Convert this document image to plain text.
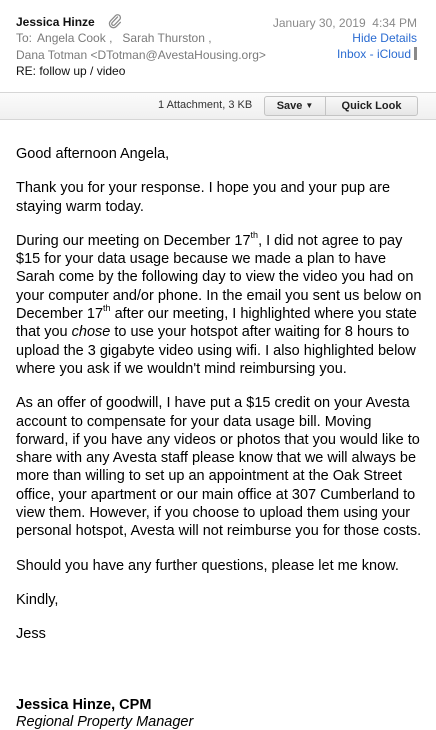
Jessica Hinze	January 30, 2019 4:34 PM
To: Angela Cook ,   Sarah Thurston ,	Hide Details
Dana Totman <DTotman@AvestaHousing.org>	Inbox - iCloud
RE: follow up / video
1 Attachment, 3 KB	Save ▼	Quick Look

Good afternoon Angela,

Thank you for your response. I hope you and your pup are staying warm today.

During our meeting on December 17th, I did not agree to pay $15 for your data usage because we made a plan to have Sarah come by the following day to view the video you had on your computer and/or phone. In the email you sent us below on December 17th after our meeting, I highlighted where you state that you chose to use your hotspot after waiting for 8 hours to upload the 3 gigabyte video using wifi. I also highlighted below where you ask if we wouldn't mind reimbursing you.

As an offer of goodwill, I have put a $15 credit on your Avesta account to compensate for your data usage bill. Moving forward, if you have any videos or photos that you would like to share with any Avesta staff please know that we will always be more than willing to set up an appointment at the Oak Street office, your apartment or our main office at 307 Cumberland to view them. However, if you choose to upload them using your personal hotspot, Avesta will not reimburse you for those costs.

Should you have any further questions, please let me know.

Kindly,

Jess

Jessica Hinze, CPM
Regional Property Manager
